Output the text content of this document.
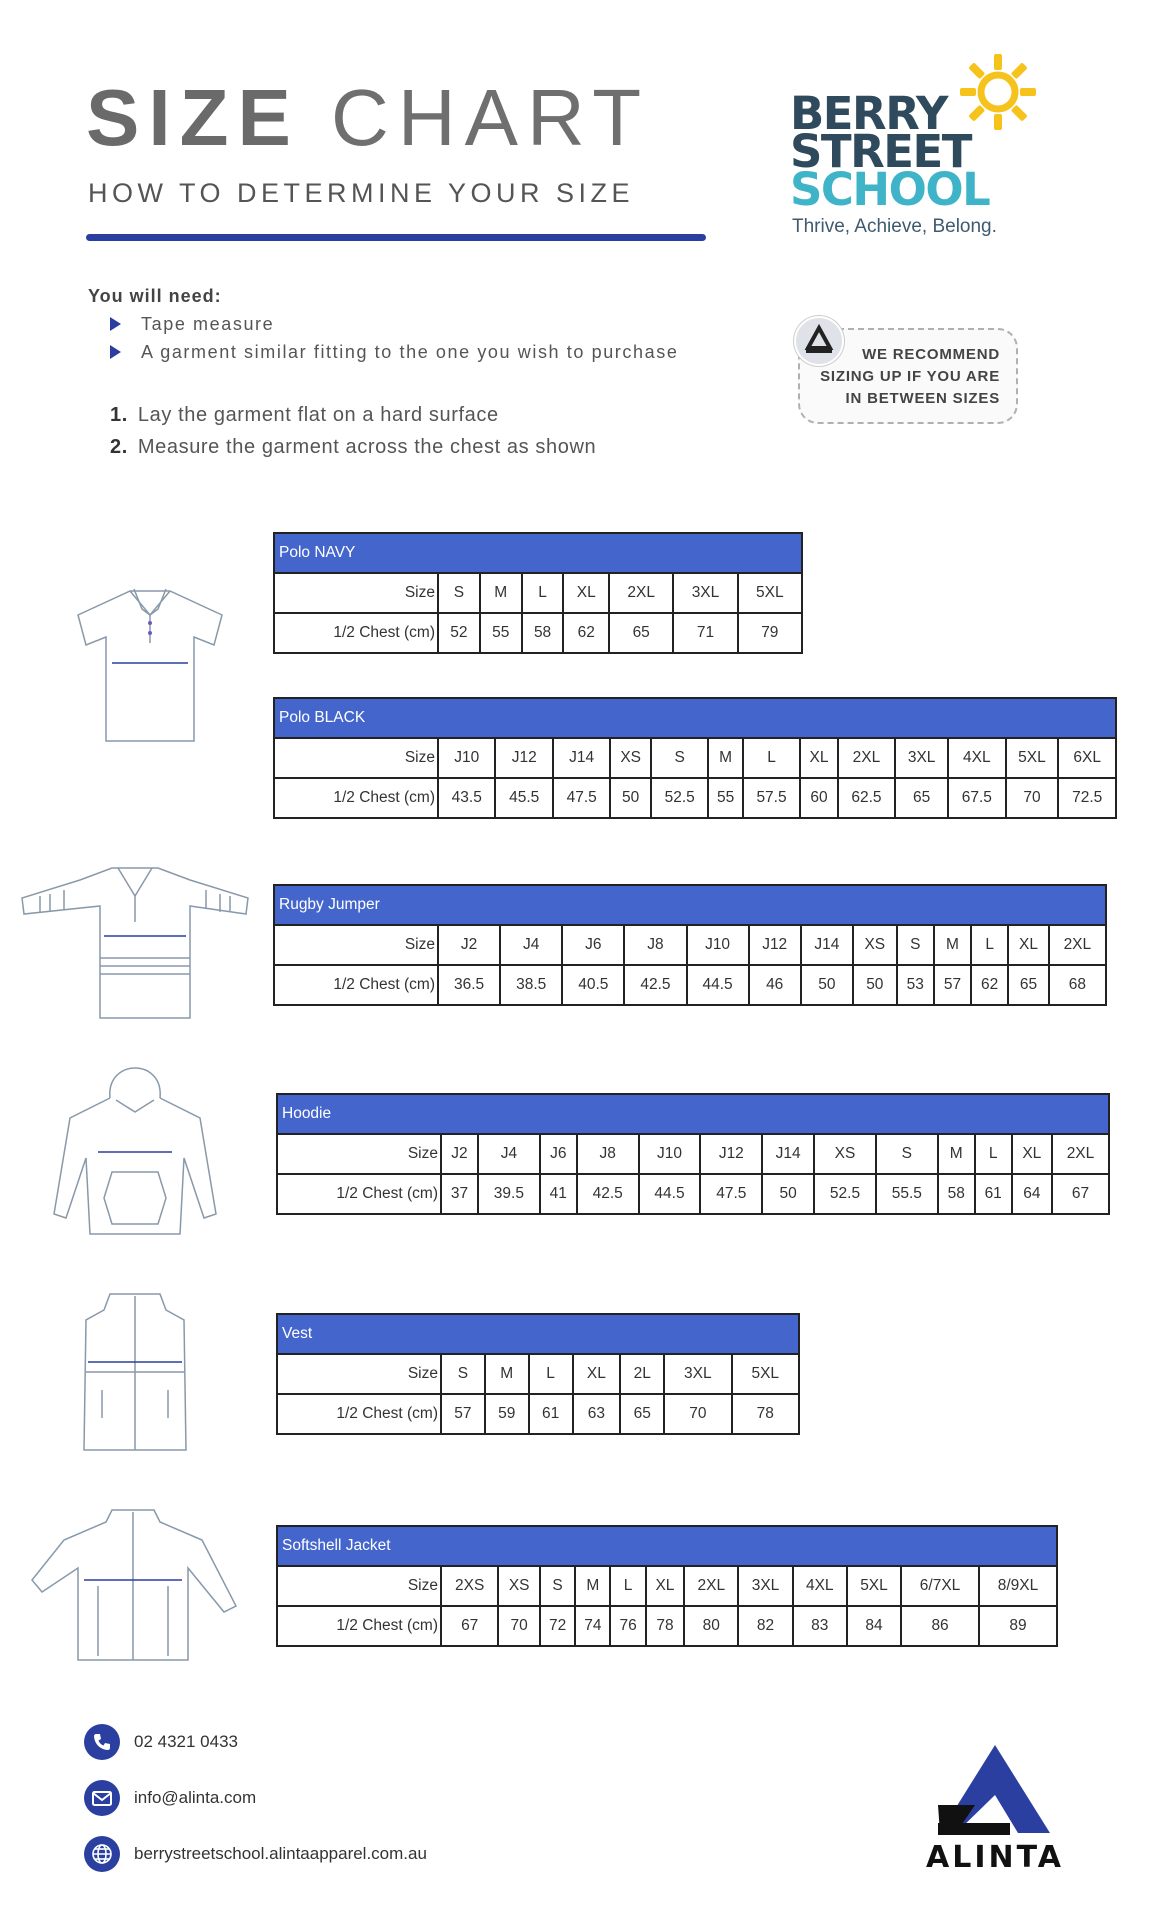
SIZE CHART
HOW TO DETERMINE YOUR SIZE
BERRY
STREET
SCHOOL
Thrive, Achieve, Belong.
You will need:
Tape measure
A garment similar fitting to the one you wish to purchase
1. Lay the garment flat on a hard surface
2. Measure the garment across the chest as shown
WE RECOMMEND
SIZING UP IF YOU ARE
IN BETWEEN SIZES
Polo NAVY							
Size	S	M	L	XL	2XL	3XL	5XL
1/2 Chest (cm)	52	55	58	62	65	71	79
Polo BLACK													
Size	J10	J12	J14	XS	S	M	L	XL	2XL	3XL	4XL	5XL	6XL
1/2 Chest (cm)	43.5	45.5	47.5	50	52.5	55	57.5	60	62.5	65	67.5	70	72.5
Rugby Jumper													
Size	J2	J4	J6	J8	J10	J12	J14	XS	S	M	L	XL	2XL
1/2 Chest (cm)	36.5	38.5	40.5	42.5	44.5	46	50	50	53	57	62	65	68
Hoodie													
Size	J2	J4	J6	J8	J10	J12	J14	XS	S	M	L	XL	2XL
1/2 Chest (cm)	37	39.5	41	42.5	44.5	47.5	50	52.5	55.5	58	61	64	67
Vest							
Size	S	M	L	XL	2L	3XL	5XL
1/2 Chest (cm)	57	59	61	63	65	70	78
Softshell Jacket												
Size	2XS	XS	S	M	L	XL	2XL	3XL	4XL	5XL	6/7XL	8/9XL
1/2 Chest (cm)	67	70	72	74	76	78	80	82	83	84	86	89
02 4321 0433
info@alinta.com
berrystreetschool.alintaapparel.com.au	ALINTA
